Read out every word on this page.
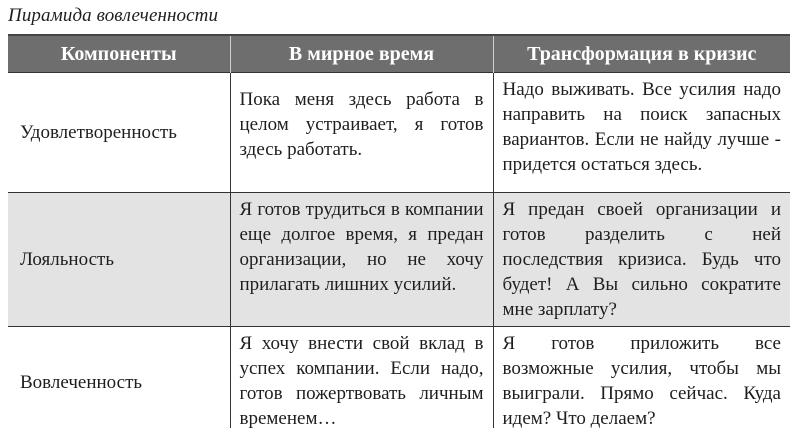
Пирамида вовлеченности
Компоненты	В мирное время	Трансформация в кризис
Удовлетворенность	Пока меня здесь работа в целом устраивает, я готов здесь работать.	Надо выживать. Все усилия надо направить на поиск запасных вариантов. Если не найду лучше - придется остаться здесь.
Лояльность	Я готов трудиться в компании еще долгое время, я предан организации, но не хочу прилагать лишних усилий.	Я предан своей организации и готов разделить с ней последствия кризиса. Будь что будет! А Вы сильно сократите мне зарплату?
Вовлеченность	Я хочу внести свой вклад в успех компании. Если надо, готов пожертвовать личным временем…	Я готов приложить все возможные усилия, чтобы мы выиграли. Прямо сейчас. Куда идем? Что делаем?
